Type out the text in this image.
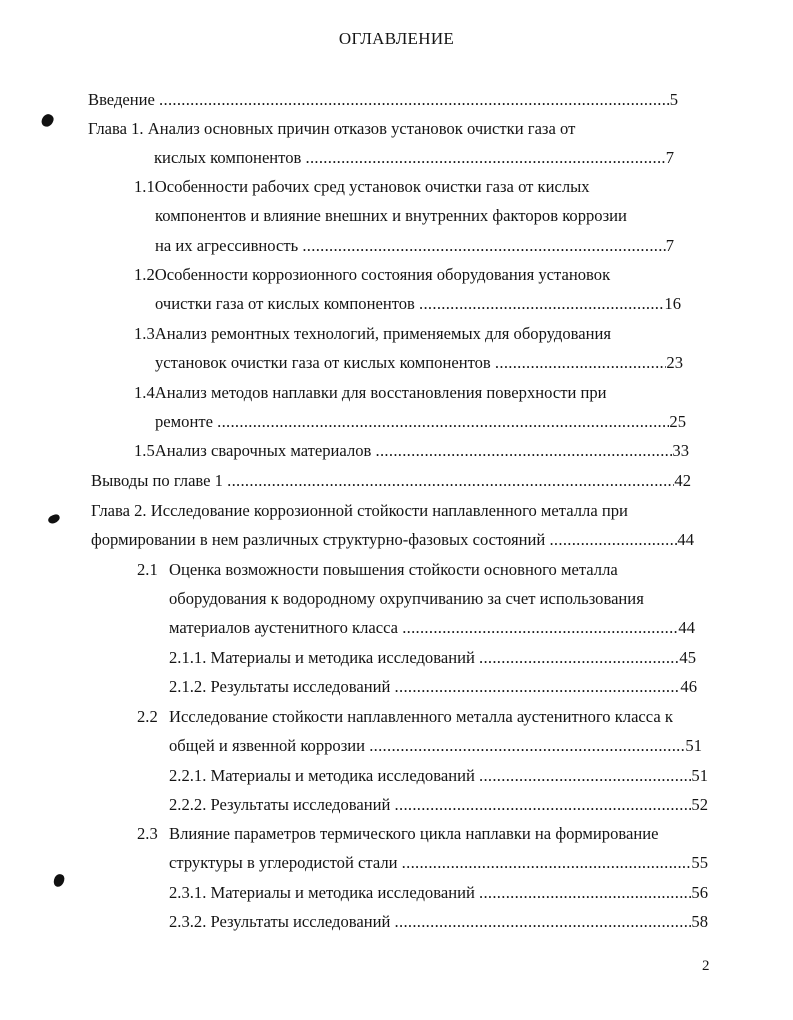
ОГЛАВЛЕНИЕ
Введение .....	5
Глава 1. Анализ основных причин отказов установок очистки газа от
кислых компонентов .....	7
1.1Особенности рабочих сред установок очистки газа от кислых
компонентов и влияние внешних и внутренних факторов коррозии
на их агрессивность .....	7
1.2Особенности коррозионного состояния оборудования установок
очистки газа от кислых компонентов .....	16
1.3Анализ ремонтных технологий, применяемых для оборудования
установок очистки газа от кислых компонентов .....	23
1.4Анализ методов наплавки для восстановления поверхности при
ремонте .....	25
1.5Анализ сварочных материалов .....	33
Выводы по главе 1 .....	42
Глава 2. Исследование коррозионной стойкости наплавленного металла при
формировании в нем различных структурно-фазовых состояний .....	44
2.1 Оценка возможности повышения стойкости основного металла
оборудования к водородному охрупчиванию за счет использования
материалов аустенитного класса .....	44
2.1.1. Материалы и методика исследований .....	45
2.1.2. Результаты исследований .....	46
2.2 Исследование стойкости наплавленного металла аустенитного класса к
общей и язвенной коррозии .....	51
2.2.1. Материалы и методика исследований .....	51
2.2.2. Результаты исследований .....	52
2.3 Влияние параметров термического цикла наплавки на формирование
структуры в углеродистой стали .....	55
2.3.1. Материалы и методика исследований .....	56
2.3.2. Результаты исследований .....	58
2
